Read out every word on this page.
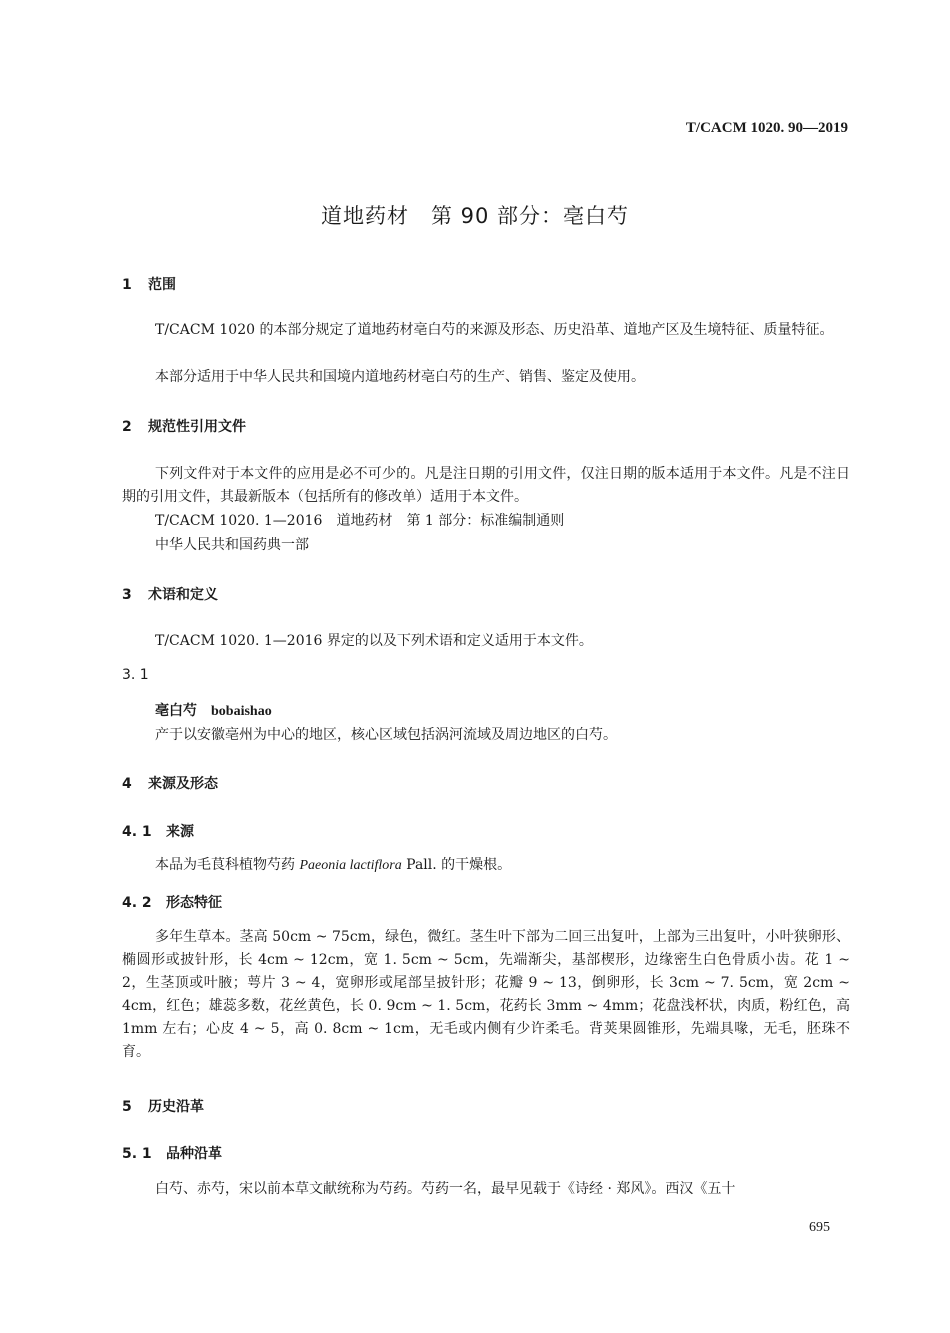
T/CACM 1020. 90—2019
道地药材　第 90 部分：亳白芍
1 范围
T/CACM 1020 的本部分规定了道地药材亳白芍的来源及形态、历史沿革、道地产区及生境特征、质量特征。
本部分适用于中华人民共和国境内道地药材亳白芍的生产、销售、鉴定及使用。
2 规范性引用文件
下列文件对于本文件的应用是必不可少的。凡是注日期的引用文件，仅注日期的版本适用于本文件。凡是不注日期的引用文件，其最新版本（包括所有的修改单）适用于本文件。
T/CACM 1020. 1—2016　道地药材　第 1 部分：标准编制通则
中华人民共和国药典一部
3 术语和定义
T/CACM 1020. 1—2016 界定的以及下列术语和定义适用于本文件。
3. 1
亳白芍 bobaishao
产于以安徽亳州为中心的地区，核心区域包括涡河流域及周边地区的白芍。
4 来源及形态
4. 1 来源
本品为毛茛科植物芍药 Paeonia lactiflora Pall. 的干燥根。
4. 2 形态特征
多年生草本。茎高 50cm ~ 75cm，绿色，微红。茎生叶下部为二回三出复叶，上部为三出复叶，小叶狭卵形、椭圆形或披针形，长 4cm ~ 12cm，宽 1. 5cm ~ 5cm，先端渐尖，基部楔形，边缘密生白色骨质小齿。花 1 ~ 2，生茎顶或叶腋；萼片 3 ~ 4，宽卵形或尾部呈披针形；花瓣 9 ~ 13，倒卵形，长 3cm ~ 7. 5cm，宽 2cm ~ 4cm，红色；雄蕊多数，花丝黄色，长 0. 9cm ~ 1. 5cm，花药长 3mm ~ 4mm；花盘浅杯状，肉质，粉红色，高 1mm 左右；心皮 4 ~ 5，高 0. 8cm ~ 1cm，无毛或内侧有少许柔毛。背荚果圆锥形，先端具喙，无毛，胚珠不育。
5 历史沿革
5. 1 品种沿革
白芍、赤芍，宋以前本草文献统称为芍药。芍药一名，最早见载于《诗经 · 郑风》。西汉《五十
695
